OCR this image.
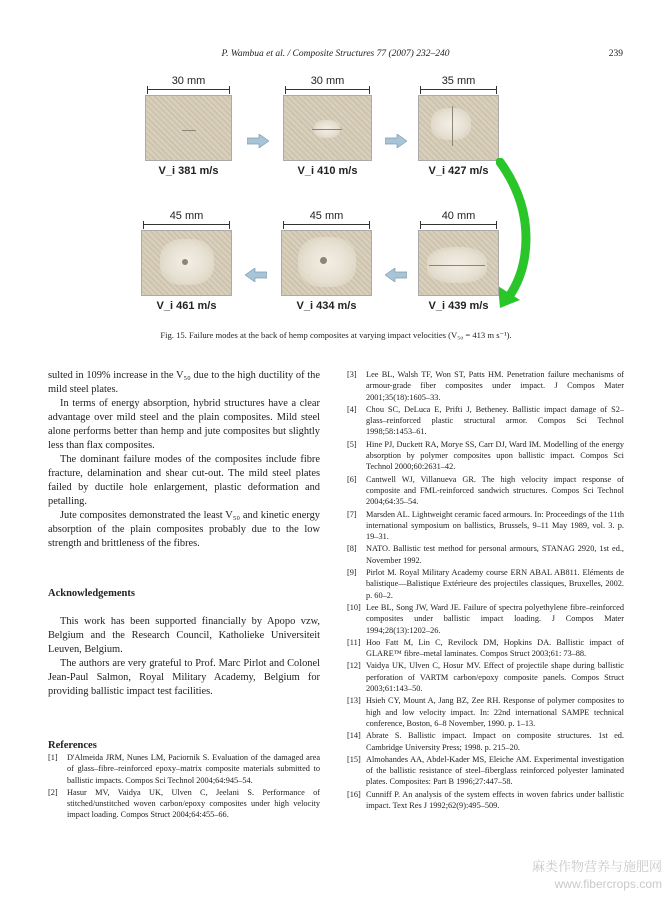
P. Wambua et al. / Composite Structures 77 (2007) 232–240	239
30 mm
V_i 381 m/s
30 mm
V_i 410 m/s
35 mm
V_i 427 m/s
45 mm
V_i 461 m/s
45 mm
V_i 434 m/s
40 mm
V_i 439 m/s
Fig. 15. Failure modes at the back of hemp composites at varying impact velocities (V₅₀ = 413 m s⁻¹).

sulted in 109% increase in the V₅₀ due to the high ductility of the mild steel plates.

In terms of energy absorption, hybrid structures have a clear advantage over mild steel and the plain composites. Mild steel alone performs better than hemp and jute composites but slightly less than flax composites.

The dominant failure modes of the composites include fibre fracture, delamination and shear cut-out. The mild steel plates failed by ductile hole enlargement, plastic deformation and petalling.

Jute composites demonstrated the least V₅₀ and kinetic energy absorption of the plain composites probably due to the low strength and brittleness of the fibres.

Acknowledgements

This work has been supported financially by Apopo vzw, Belgium and the Research Council, Katholieke Universiteit Leuven, Belgium.

The authors are very grateful to Prof. Marc Pirlot and Colonel Jean-Paul Salmon, Royal Military Academy, Belgium for providing ballistic impact test facilities.

References

[1] D'Almeida JRM, Nunes LM, Paciornik S. Evaluation of the damaged area of glass–fibre–reinforced epoxy–matrix composite materials submitted to ballistic impacts. Compos Sci Technol 2004;64:945–54.
[2] Hasur MV, Vaidya UK, Ulven C, Jeelani S. Performance of stitched/unstitched woven carbon/epoxy composites under high velocity impact loading. Compos Struct 2004;64:455–66.
[3] Lee BL, Walsh TF, Won ST, Patts HM. Penetration failure mechanisms of armour-grade fiber composites under impact. J Compos Mater 2001;35(18):1605–33.
[4] Chou SC, DeLuca E, Prifti J, Betheney. Ballistic impact damage of S2–glass–reinforced plastic structural armor. Compos Sci Technol 1998;58:1453–61.
[5] Hine PJ, Duckett RA, Morye SS, Carr DJ, Ward IM. Modelling of the energy absorption by polymer composites upon ballistic impact. Compos Sci Technol 2000;60:2631–42.
[6] Cantwell WJ, Villanueva GR. The high velocity impact response of composite and FML-reinforced sandwich structures. Compos Sci Technol 2004;64:35–54.
[7] Marsden AL. Lightweight ceramic faced armours. In: Proceedings of the 11th international symposium on ballistics, Brussels, 9–11 May 1989, vol. 3. p. 19–31.
[8] NATO. Ballistic test method for personal armours, STANAG 2920, 1st ed., November 1992.
[9] Pirlot M. Royal Military Academy course ERN ABAL AB811. Eléments de balistique—Balistique Extérieure des projectiles classiques, Bruxelles, 2002. p. 60–2.
[10] Lee BL, Song JW, Ward JE. Failure of spectra polyethylene fibre–reinforced composites under ballistic impact loading. J Compos Mater 1994;28(13):1202–26.
[11] Hoo Fatt M, Lin C, Revilock DM, Hopkins DA. Ballistic impact of GLARE™ fibre–metal laminates. Compos Struct 2003;61: 73–88.
[12] Vaidya UK, Ulven C, Hosur MV. Effect of projectile shape during ballistic perforation of VARTM carbon/epoxy composite panels. Compos Struct 2003;61:143–50.
[13] Hsieh CY, Mount A, Jang BZ, Zee RH. Response of polymer composites to high and low velocity impact. In: 22nd international SAMPE technical conference, Boston, 6–8 November, 1990. p. 1–13.
[14] Abrate S. Ballistic impact. Impact on composite structures. 1st ed. Cambridge University Press; 1998. p. 215–20.
[15] Almohandes AA, Abdel-Kader MS, Eleiche AM. Experimental investigation of the ballistic resistance of steel–fiberglass reinforced polyester laminated plates. Composites: Part B 1996;27:447–58.
[16] Cunniff P. An analysis of the system effects in woven fabrics under ballistic impact. Text Res J 1992;62(9):495–509.
麻类作物营养与施肥网
www.fibercrops.com
